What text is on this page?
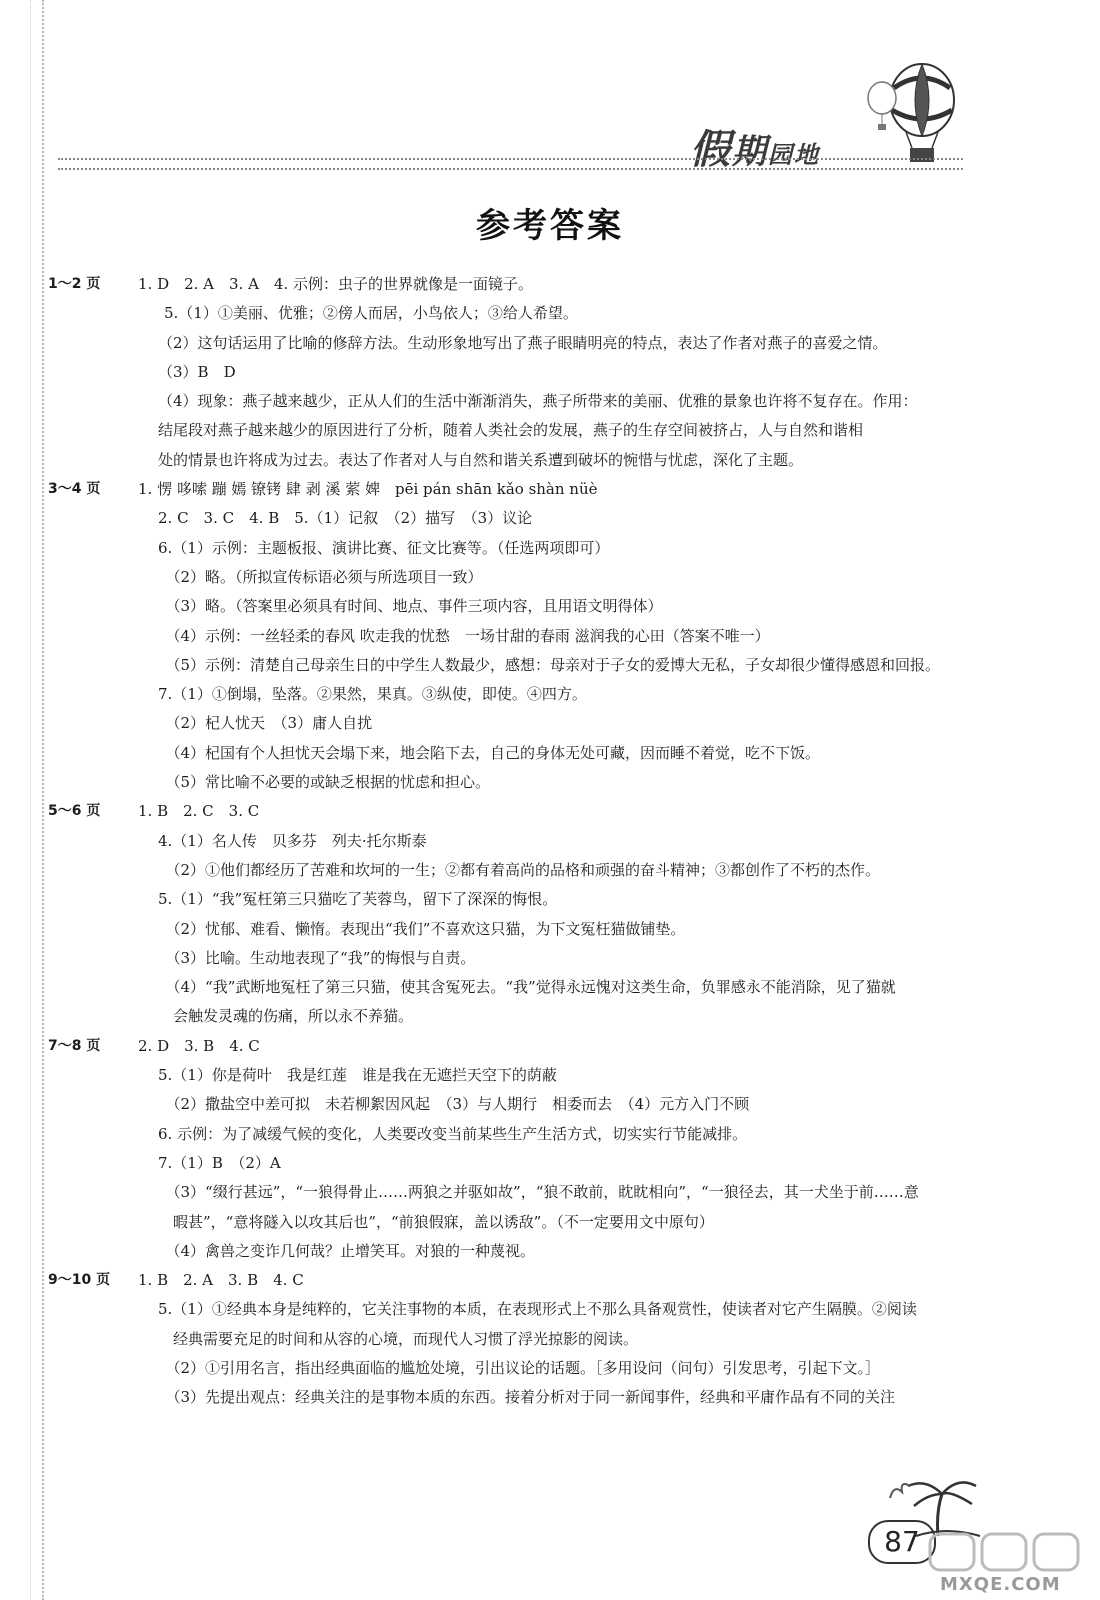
假期园地
参考答案
1～2 页	1. D　2. A　3. A　4. 示例：虫子的世界就像是一面镜子。
5.（1）①美丽、优雅；②傍人而居，小鸟依人；③给人希望。
（2）这句话运用了比喻的修辞方法。生动形象地写出了燕子眼睛明亮的特点，表达了作者对燕子的喜爱之情。
（3）B　D
（4）现象：燕子越来越少，正从人们的生活中渐渐消失，燕子所带来的美丽、优雅的景象也许将不复存在。作用：
结尾段对燕子越来越少的原因进行了分析，随着人类社会的发展，燕子的生存空间被挤占，人与自然和谐相
处的情景也许将成为过去。表达了作者对人与自然和谐关系遭到破坏的惋惜与忧虑，深化了主题。
3～4 页	1. 愣 哆嗦 蹦 嫣 镣铐 肆 剥 溪 萦 婢　pēi pán shān kǎo shàn nüè
2. C　3. C　4. B　5.（1）记叙　（2）描写　（3）议论
6.（1）示例：主题板报、演讲比赛、征文比赛等。（任选两项即可）
　（2）略。（所拟宣传标语必须与所选项目一致）
　（3）略。（答案里必须具有时间、地点、事件三项内容，且用语文明得体）
　（4）示例：一丝轻柔的春风 吹走我的忧愁　一场甘甜的春雨 滋润我的心田（答案不唯一）
　（5）示例：清楚自己母亲生日的中学生人数最少，感想：母亲对于子女的爱博大无私，子女却很少懂得感恩和回报。
7.（1）①倒塌，坠落。②果然，果真。③纵使，即使。④四方。
　（2）杞人忧天　（3）庸人自扰
　（4）杞国有个人担忧天会塌下来，地会陷下去，自己的身体无处可藏，因而睡不着觉，吃不下饭。
　（5）常比喻不必要的或缺乏根据的忧虑和担心。
5～6 页	1. B　2. C　3. C
4.（1）名人传　贝多芬　列夫·托尔斯泰
　（2）①他们都经历了苦难和坎坷的一生；②都有着高尚的品格和顽强的奋斗精神；③都创作了不朽的杰作。
5.（1）“我”冤枉第三只猫吃了芙蓉鸟，留下了深深的悔恨。
　（2）忧郁、难看、懒惰。表现出“我们”不喜欢这只猫，为下文冤枉猫做铺垫。
　（3）比喻。生动地表现了“我”的悔恨与自责。
　（4）“我”武断地冤枉了第三只猫，使其含冤死去。“我”觉得永远愧对这类生命，负罪感永不能消除，见了猫就
　会触发灵魂的伤痛，所以永不养猫。
7～8 页	2. D　3. B　4. C
5.（1）你是荷叶　我是红莲　谁是我在无遮拦天空下的荫蔽
　（2）撒盐空中差可拟　未若柳絮因风起　（3）与人期行　相委而去　（4）元方入门不顾
6. 示例：为了减缓气候的变化，人类要改变当前某些生产生活方式，切实实行节能减排。
7.（1）B　（2）A
　（3）“缀行甚远”，“一狼得骨止……两狼之并驱如故”，“狼不敢前，眈眈相向”，“一狼径去，其一犬坐于前……意
　暇甚”，“意将隧入以攻其后也”，“前狼假寐，盖以诱敌”。（不一定要用文中原句）
　（4）禽兽之变诈几何哉？止增笑耳。对狼的一种蔑视。
9～10 页	1. B　2. A　3. B　4. C
5.（1）①经典本身是纯粹的，它关注事物的本质，在表现形式上不那么具备观赏性，使读者对它产生隔膜。②阅读
　经典需要充足的时间和从容的心境，而现代人习惯了浮光掠影的阅读。
　（2）①引用名言，指出经典面临的尴尬处境，引出议论的话题。［多用设问（问句）引发思考，引起下文。］
　（3）先提出观点：经典关注的是事物本质的东西。接着分析对于同一新闻事件，经典和平庸作品有不同的关注
87
MXQE.COM
